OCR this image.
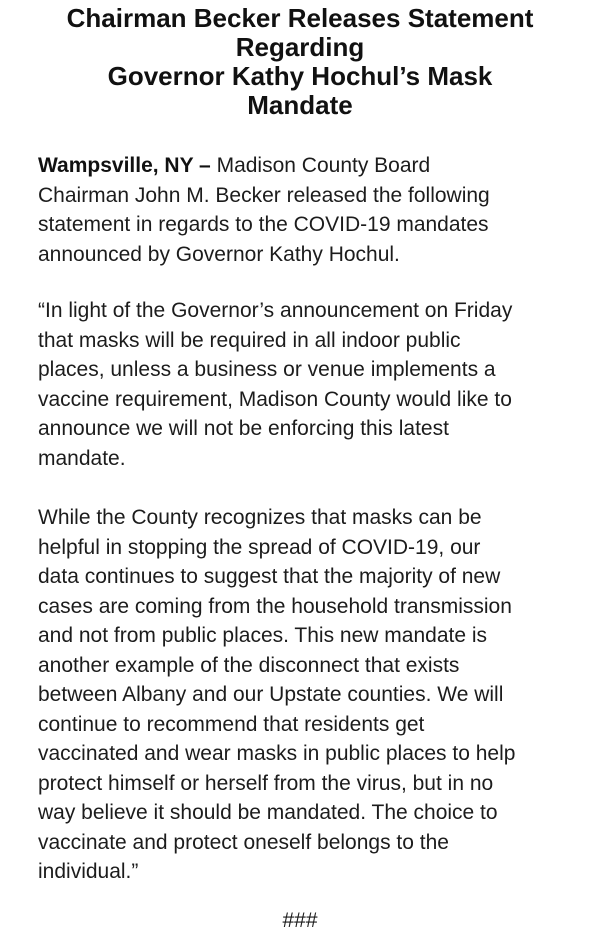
Chairman Becker Releases Statement
Regarding
Governor Kathy Hochul’s Mask
Mandate

Wampsville, NY – Madison County Board
Chairman John M. Becker released the following
statement in regards to the COVID-19 mandates
announced by Governor Kathy Hochul.

“In light of the Governor’s announcement on Friday
that masks will be required in all indoor public
places, unless a business or venue implements a
vaccine requirement, Madison County would like to
announce we will not be enforcing this latest
mandate.

While the County recognizes that masks can be
helpful in stopping the spread of COVID-19, our
data continues to suggest that the majority of new
cases are coming from the household transmission
and not from public places. This new mandate is
another example of the disconnect that exists
between Albany and our Upstate counties. We will
continue to recommend that residents get
vaccinated and wear masks in public places to help
protect himself or herself from the virus, but in no
way believe it should be mandated. The choice to
vaccinate and protect oneself belongs to the
individual.”

###
